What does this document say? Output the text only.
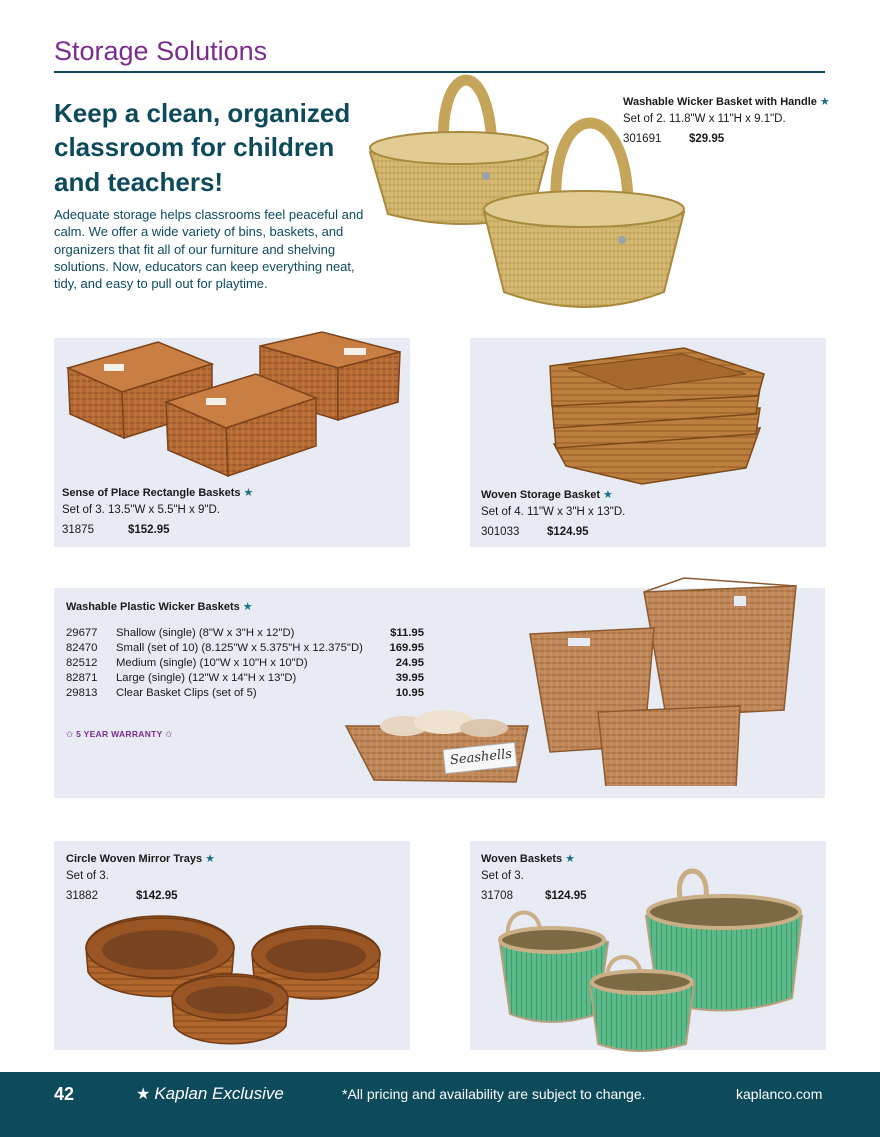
Storage Solutions
Keep a clean, organized classroom for children and teachers!
Adequate storage helps classrooms feel peaceful and calm. We offer a wide variety of bins, baskets, and organizers that fit all of our furniture and shelving solutions. Now, educators can keep everything neat, tidy, and easy to pull out for playtime.
Washable Wicker Basket with Handle ★
Set of 2. 11.8"W x 11"H x 9.1"D.
301691 $29.95
Sense of Place Rectangle Baskets ★
Set of 3. 13.5"W x 5.5"H x 9"D.
31875	$152.95
Woven Storage Basket ★
Set of 4. 11"W x 3"H x 13"D.
301033 $124.95
Washable Plastic Wicker Baskets ★
29677	Shallow (single) (8"W x 3"H x 12"D)	$11.95
82470	Small (set of 10) (8.125"W x 5.375"H x 12.375"D)	169.95
82512	Medium (single) (10"W x 10"H x 10"D)	24.95
82871	Large (single) (12"W x 14"H x 13"D)	39.95
29813	Clear Basket Clips (set of 5)	10.95
✩ 5 YEAR WARRANTY ✩
Seashells
Circle Woven Mirror Trays ★
Set of 3.
31882	$142.95
Woven Baskets ★
Set of 3.
31708	$124.95
42	★ Kaplan Exclusive	*All pricing and availability are subject to change.	kaplanco.com
